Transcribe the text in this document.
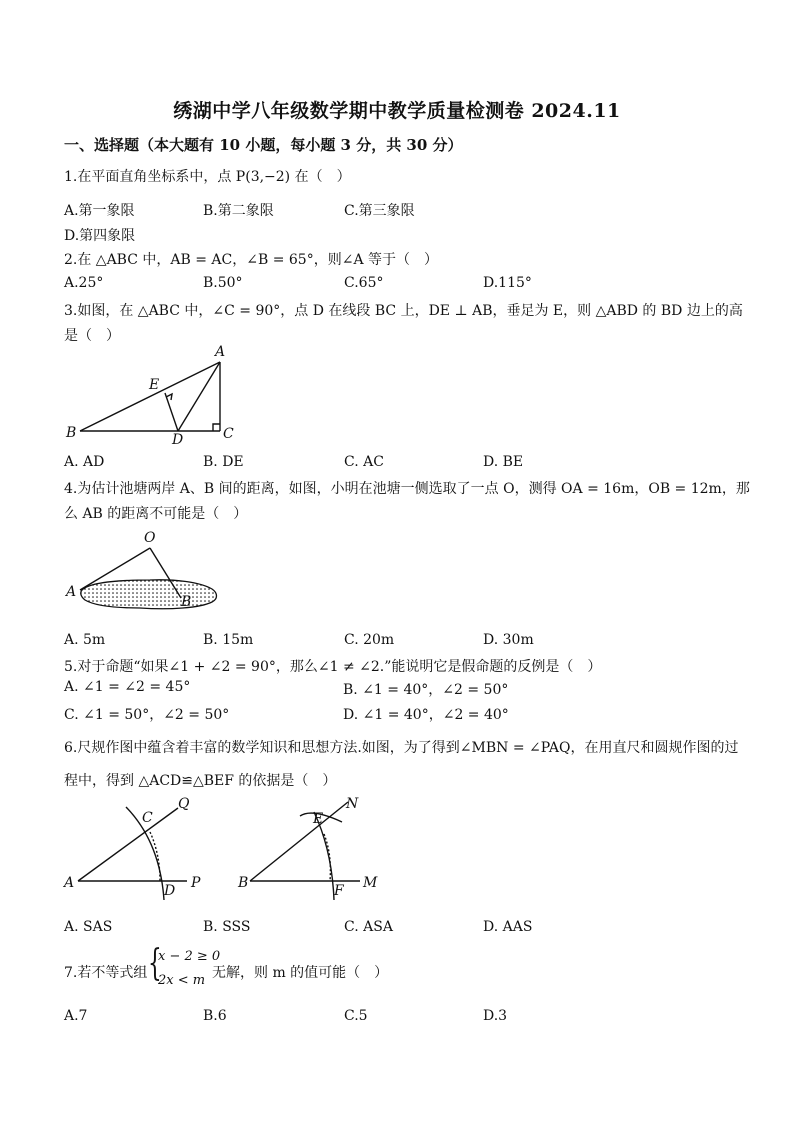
绣湖中学八年级数学期中教学质量检测卷 2024.11
一、选择题（本大题有 10 小题，每小题 3 分，共 30 分）
1.在平面直角坐标系中，点 P(3,−2) 在（　）
A.第一象限	B.第二象限	C.第三象限
D.第四象限
2.在 △ABC 中，AB = AC，∠B = 65°，则∠A 等于（　）
A.25°	B.50°	C.65°	D.115°
3.如图，在 △ABC 中，∠C = 90°，点 D 在线段 BC 上，DE ⊥ AB，垂足为 E，则 △ABD 的 BD 边上的高
是（　）
A
E
B	D	C
A. AD	B. DE	C. AC	D. BE
4.为估计池塘两岸 A、B 间的距离，如图，小明在池塘一侧选取了一点 O，测得 OA = 16m，OB = 12m，那
么 AB 的距离不可能是（　）
O
A
B
A. 5m	B. 15m	C. 20m	D. 30m
5.对于命题“如果∠1 + ∠2 = 90°，那么∠1 ≠ ∠2.”能说明它是假命题的反例是（　）
A. ∠1 = ∠2 = 45°	B. ∠1 = 40°，∠2 = 50°
C. ∠1 = 50°，∠2 = 50°	D. ∠1 = 40°，∠2 = 40°
6.尺规作图中蕴含着丰富的数学知识和思想方法.如图，为了得到∠MBN = ∠PAQ，在用直尺和圆规作图的过
程中，得到 △ACD≌△BEF 的依据是（　）
C
Q
A	D P
E
N
B	F M
A. SAS	B. SSS	C. ASA	D. AAS
7.若不等式组 {
x − 2 ≥ 0
2x < m 无解，则 m 的值可能（　）
A.7	B.6	C.5	D.3
